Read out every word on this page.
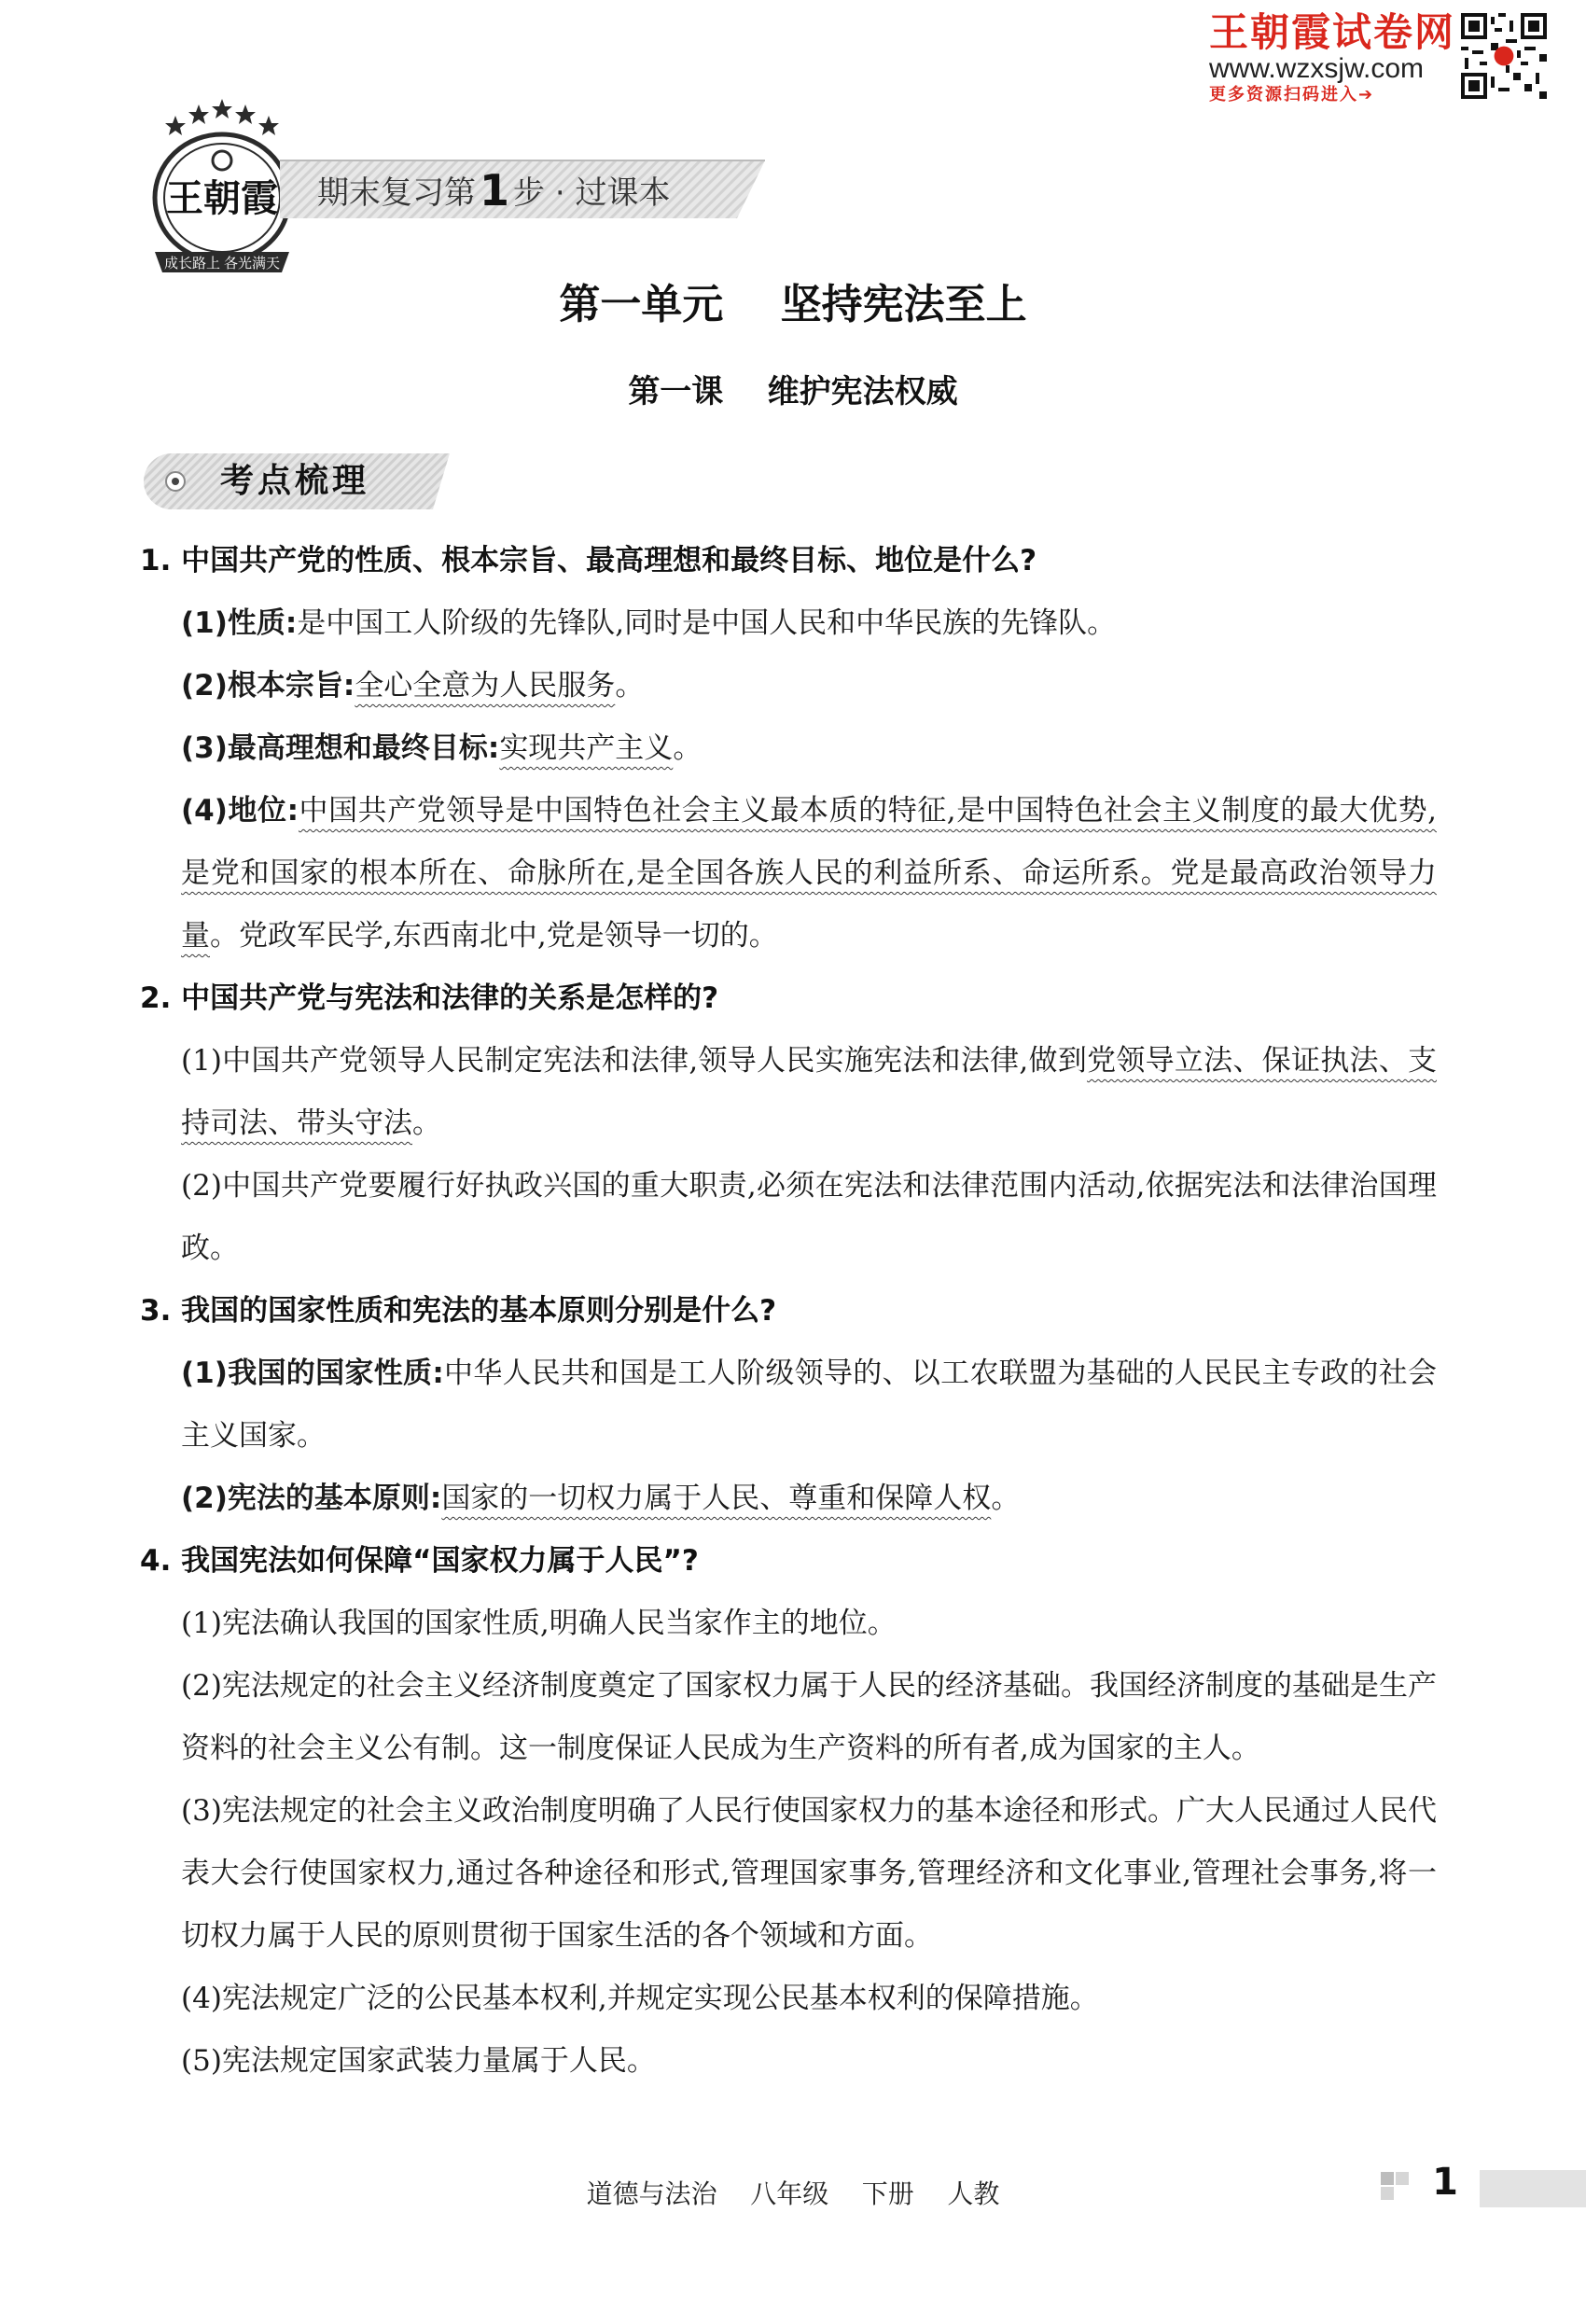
王朝霞试卷网
www.wzxsjw.com
更多资源扫码进入➔
王朝霞
成长路上 各光满天
期末复习第1 步 · 过课本
第一单元    坚持宪法至上
第一课    维护宪法权威
考点梳理

1. 中国共产党的性质、根本宗旨、最高理想和最终目标、地位是什么?

(1)性质:是中国工人阶级的先锋队,同时是中国人民和中华民族的先锋队。

(2)根本宗旨:全心全意为人民服务。

(3)最高理想和最终目标:实现共产主义。

(4)地位:中国共产党领导是中国特色社会主义最本质的特征,是中国特色社会主义制度的最大优势,是党和国家的根本所在、命脉所在,是全国各族人民的利益所系、命运所系。党是最高政治领导力量。党政军民学,东西南北中,党是领导一切的。

2. 中国共产党与宪法和法律的关系是怎样的?

(1)中国共产党领导人民制定宪法和法律,领导人民实施宪法和法律,做到党领导立法、保证执法、支持司法、带头守法。

(2)中国共产党要履行好执政兴国的重大职责,必须在宪法和法律范围内活动,依据宪法和法律治国理政。

3. 我国的国家性质和宪法的基本原则分别是什么?

(1)我国的国家性质:中华人民共和国是工人阶级领导的、以工农联盟为基础的人民民主专政的社会主义国家。

(2)宪法的基本原则:国家的一切权力属于人民、尊重和保障人权。

4. 我国宪法如何保障“国家权力属于人民”?

(1)宪法确认我国的国家性质,明确人民当家作主的地位。

(2)宪法规定的社会主义经济制度奠定了国家权力属于人民的经济基础。我国经济制度的基础是生产资料的社会主义公有制。这一制度保证人民成为生产资料的所有者,成为国家的主人。

(3)宪法规定的社会主义政治制度明确了人民行使国家权力的基本途径和形式。广大人民通过人民代表大会行使国家权力,通过各种途径和形式,管理国家事务,管理经济和文化事业,管理社会事务,将一切权力属于人民的原则贯彻于国家生活的各个领域和方面。

(4)宪法规定广泛的公民基本权利,并规定实现公民基本权利的保障措施。

(5)宪法规定国家武装力量属于人民。

道德与法治    八年级    下册    人教	1
